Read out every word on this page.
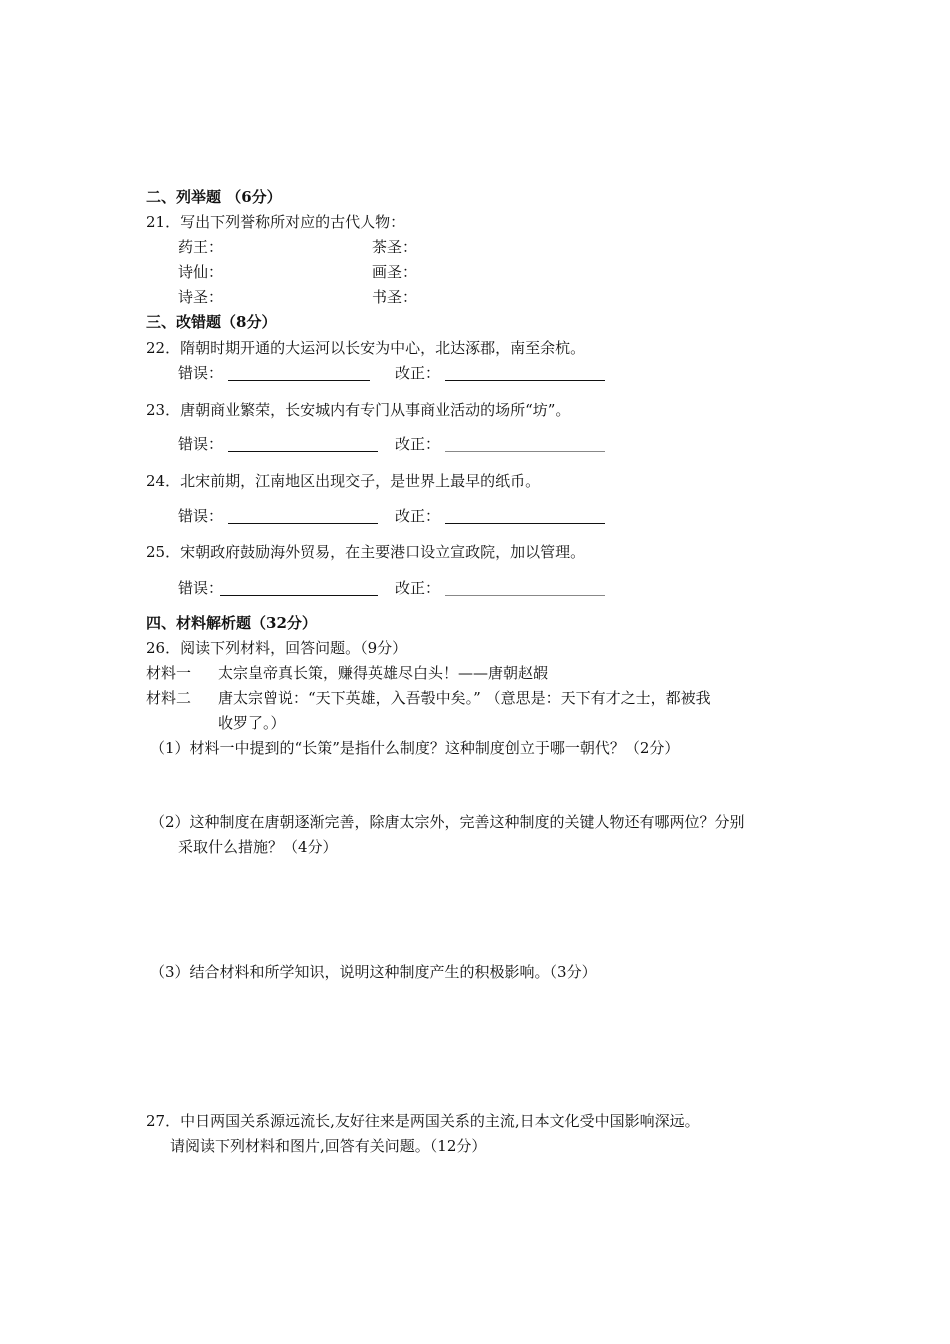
二、列举题 （6分）
21．写出下列誉称所对应的古代人物：
药王：	茶圣：
诗仙：	画圣：
诗圣：	书圣：
三、改错题（8分）
22．隋朝时期开通的大运河以长安为中心，北达涿郡，南至余杭。
错误：	改正：
23．唐朝商业繁荣，长安城内有专门从事商业活动的场所“坊”。
错误：	改正：
24．北宋前期，江南地区出现交子，是世界上最早的纸币。
错误：	改正：
25．宋朝政府鼓励海外贸易，在主要港口设立宣政院，加以管理。
错误：	改正：
四、材料解析题（32分）
26．阅读下列材料，回答问题。（9分）
材料一 太宗皇帝真长策，赚得英雄尽白头！——唐朝赵嘏
材料二 唐太宗曾说：“天下英雄，入吾彀中矣。” （意思是：天下有才之士，都被我
收罗了。）
（1）材料一中提到的“长策”是指什么制度？这种制度创立于哪一朝代？（2分）
（2）这种制度在唐朝逐渐完善，除唐太宗外，完善这种制度的关键人物还有哪两位？分别
采取什么措施？（4分）
（3）结合材料和所学知识，说明这种制度产生的积极影响。（3分）
27．中日两国关系源远流长,友好往来是两国关系的主流,日本文化受中国影响深远。
请阅读下列材料和图片,回答有关问题。（12分）
